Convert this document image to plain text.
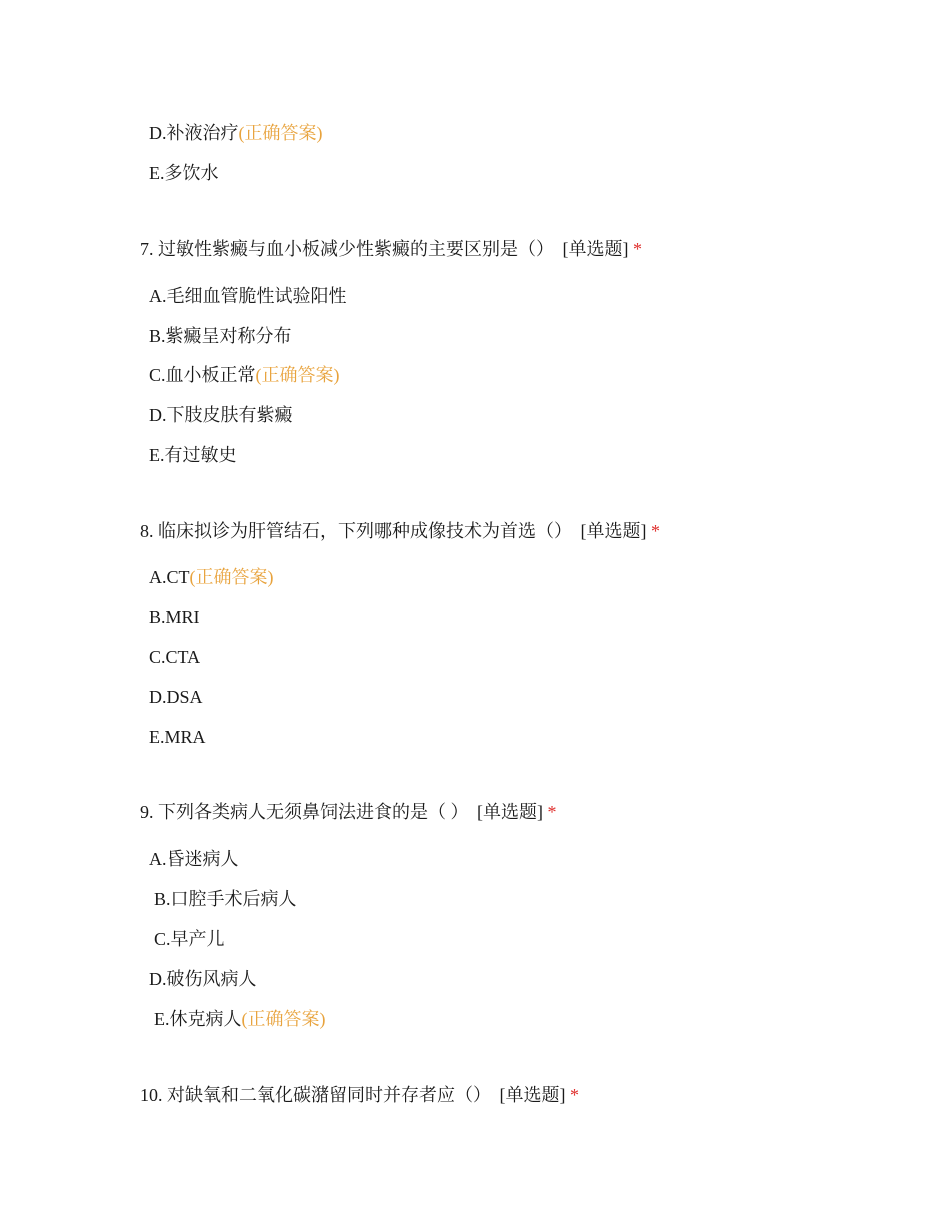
D.补液治疗(正确答案)
E.多饮水
7. 过敏性紫癜与血小板减少性紫癜的主要区别是（） [单选题] *
A.毛细血管脆性试验阳性
B.紫癜呈对称分布
C.血小板正常(正确答案)
D.下肢皮肤有紫癜
E.有过敏史
8. 临床拟诊为肝管结石，下列哪种成像技术为首选（） [单选题] *
A.CT(正确答案)
B.MRI
C.CTA
D.DSA
E.MRA
9. 下列各类病人无须鼻饲法进食的是（ ） [单选题] *
A.昏迷病人
B.口腔手术后病人
C.早产儿
D.破伤风病人
E.休克病人(正确答案)
10. 对缺氧和二氧化碳潴留同时并存者应（） [单选题] *
